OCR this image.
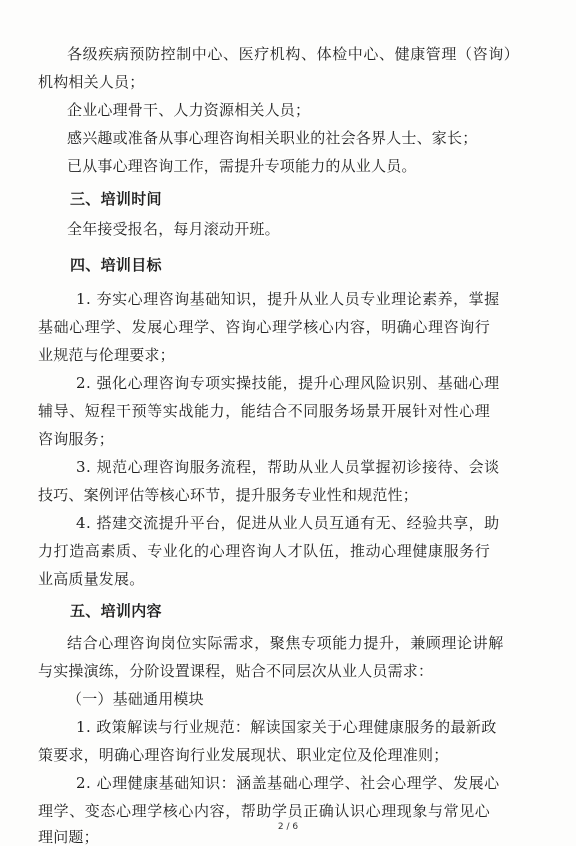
各级疾病预防控制中心、医疗机构、体检中心、健康管理（咨询）
机构相关人员；
企业心理骨干、人力资源相关人员；
感兴趣或准备从事心理咨询相关职业的社会各界人士、家长；
已从事心理咨询工作，需提升专项能力的从业人员。
三、培训时间
全年接受报名，每月滚动开班。
四、培训目标
1. 夯实心理咨询基础知识，提升从业人员专业理论素养，掌握
基础心理学、发展心理学、咨询心理学核心内容，明确心理咨询行
业规范与伦理要求；
2. 强化心理咨询专项实操技能，提升心理风险识别、基础心理
辅导、短程干预等实战能力，能结合不同服务场景开展针对性心理
咨询服务；
3. 规范心理咨询服务流程，帮助从业人员掌握初诊接待、会谈
技巧、案例评估等核心环节，提升服务专业性和规范性；
4. 搭建交流提升平台，促进从业人员互通有无、经验共享，助
力打造高素质、专业化的心理咨询人才队伍，推动心理健康服务行
业高质量发展。
五、培训内容
结合心理咨询岗位实际需求，聚焦专项能力提升，兼顾理论讲解
与实操演练，分阶设置课程，贴合不同层次从业人员需求：
（一）基础通用模块
1. 政策解读与行业规范：解读国家关于心理健康服务的最新政
策要求，明确心理咨询行业发展现状、职业定位及伦理准则；
2. 心理健康基础知识：涵盖基础心理学、社会心理学、发展心
理学、变态心理学核心内容，帮助学员正确认识心理现象与常见心
理问题；
2 / 6
